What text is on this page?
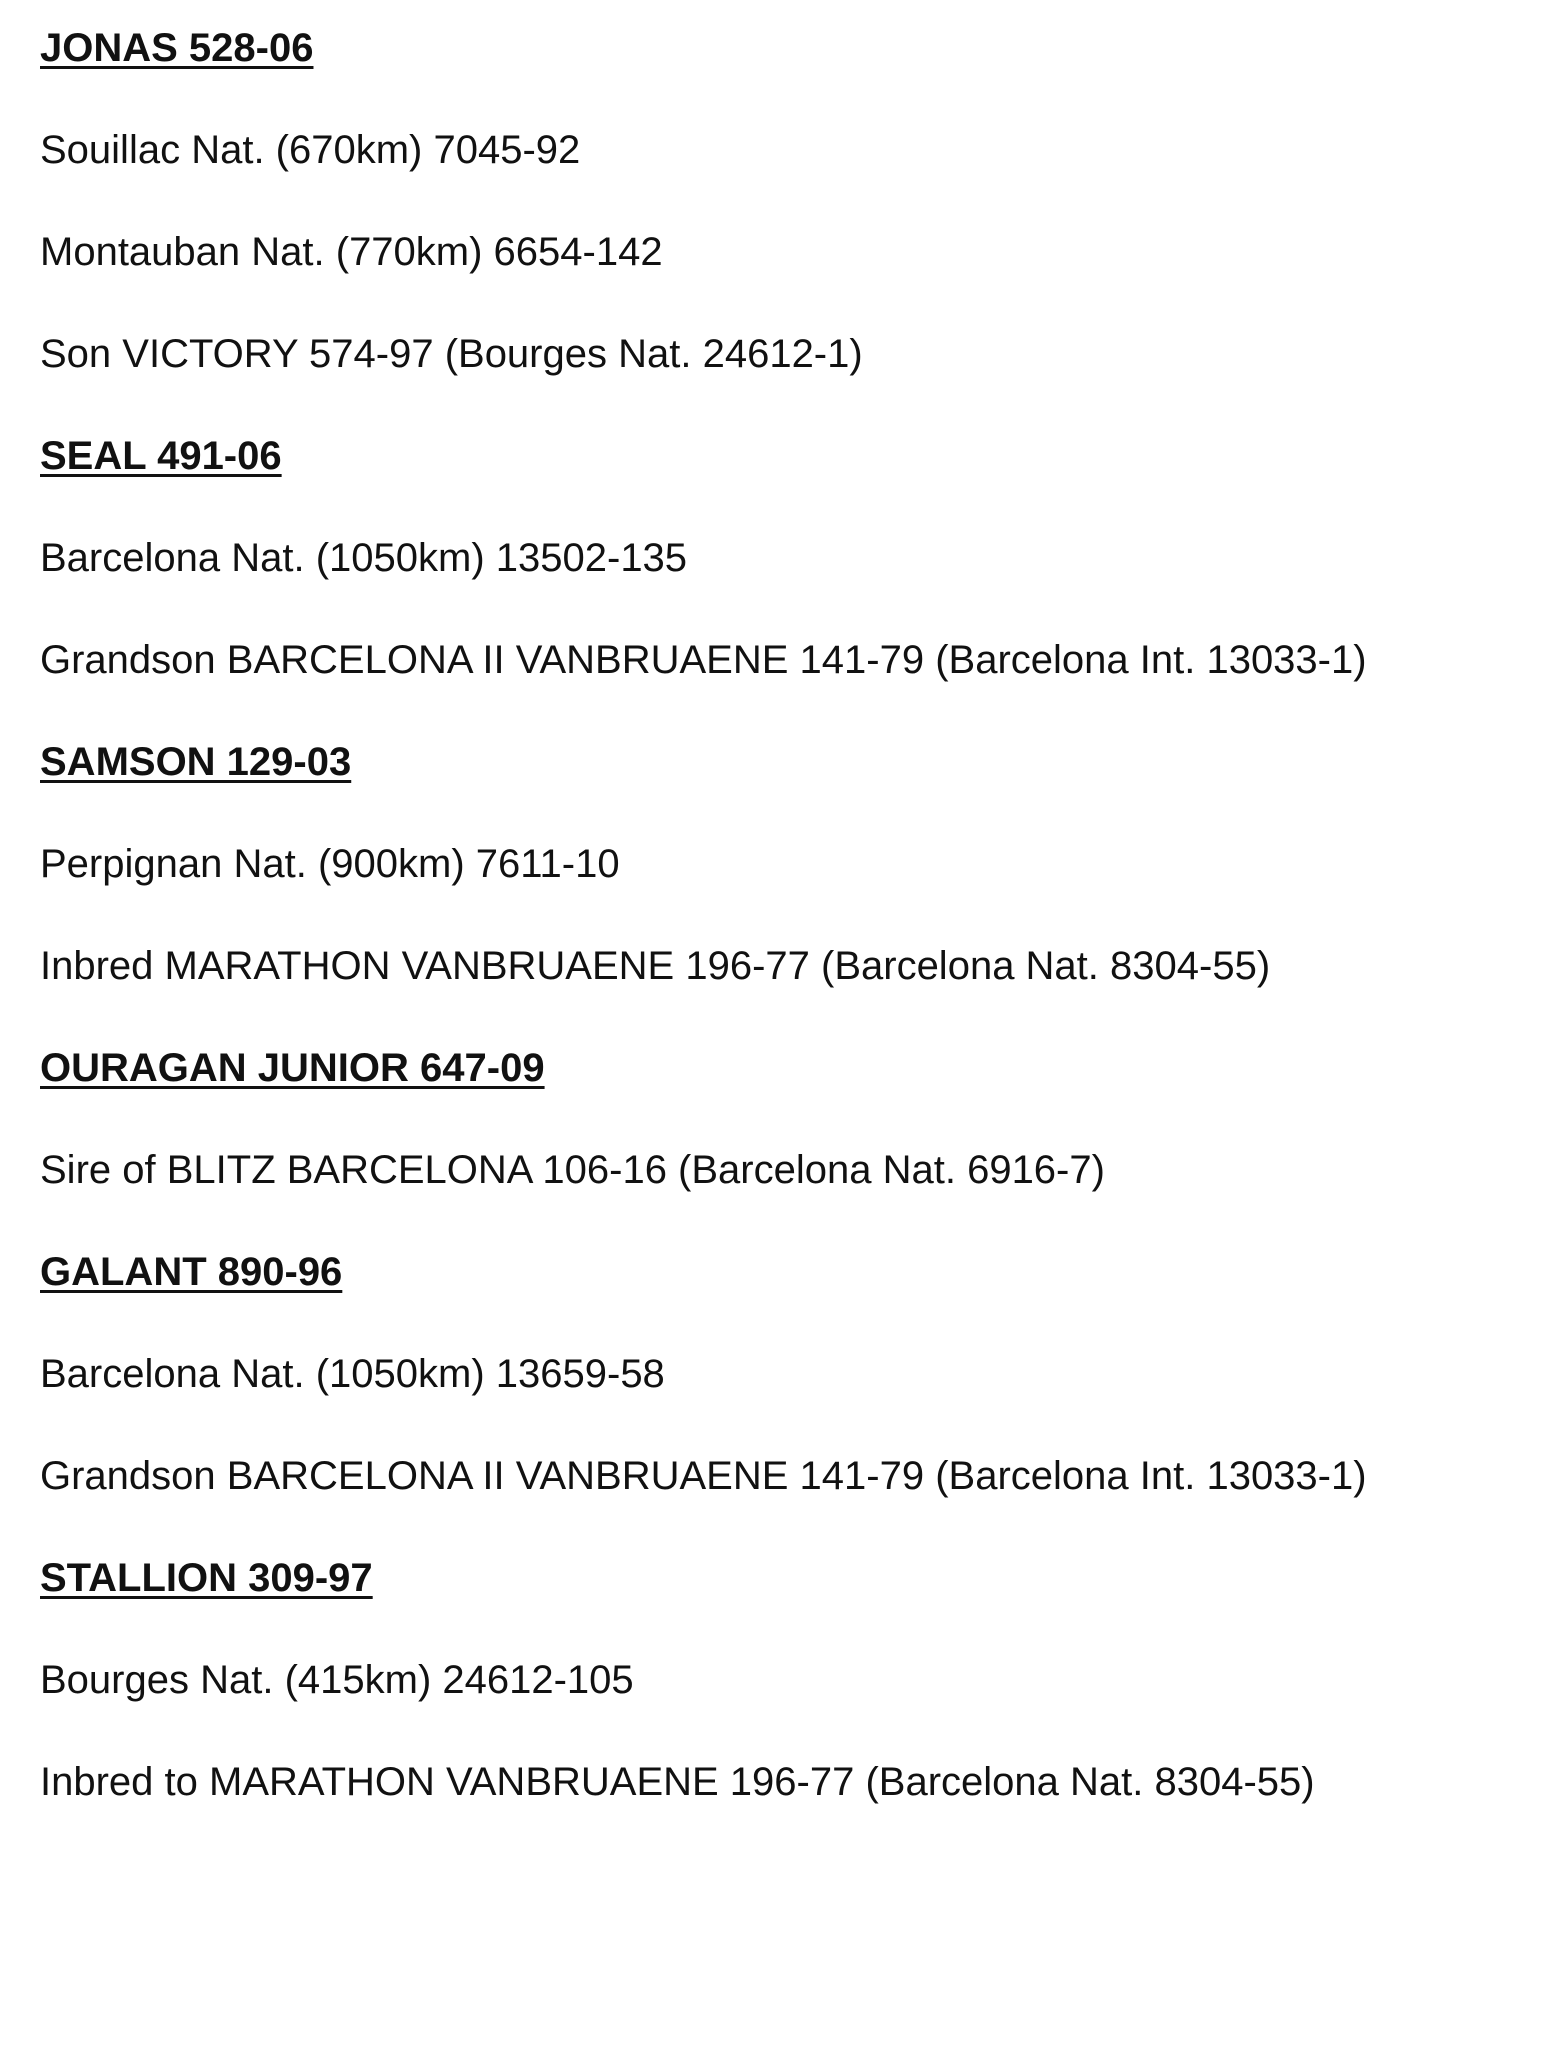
JONAS 528-06

Souillac Nat. (670km) 7045-92

Montauban Nat. (770km) 6654-142

Son VICTORY 574-97 (Bourges Nat. 24612-1)

SEAL 491-06

Barcelona Nat. (1050km) 13502-135

Grandson BARCELONA II VANBRUAENE 141-79 (Barcelona Int. 13033-1)

SAMSON 129-03

Perpignan Nat. (900km) 7611-10

Inbred MARATHON VANBRUAENE 196-77 (Barcelona Nat. 8304-55)

OURAGAN JUNIOR 647-09

Sire of BLITZ BARCELONA 106-16 (Barcelona Nat. 6916-7)

GALANT 890-96

Barcelona Nat. (1050km) 13659-58

Grandson BARCELONA II VANBRUAENE 141-79 (Barcelona Int. 13033-1)

STALLION 309-97

Bourges Nat. (415km) 24612-105

Inbred to MARATHON VANBRUAENE 196-77 (Barcelona Nat. 8304-55)
